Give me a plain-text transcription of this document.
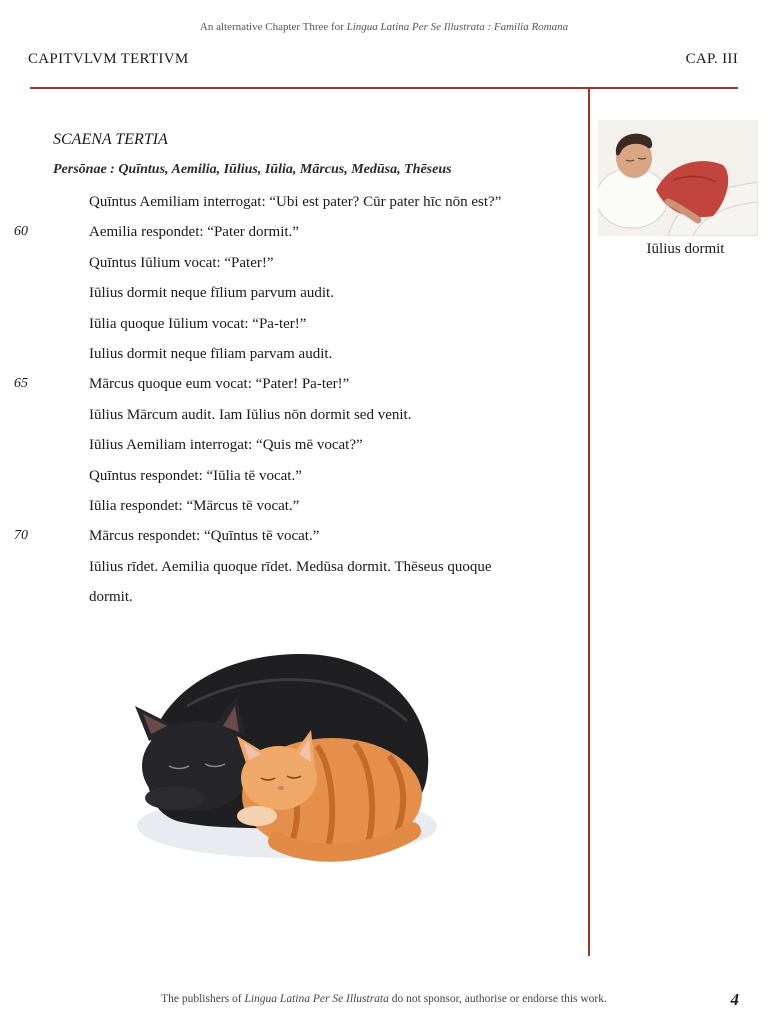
An alternative Chapter Three for Lingua Latina Per Se Illustrata : Familia Romana
CAPITVLVM TERTIVM	CAP. III
SCAENA TERTIA
Persōnae : Quīntus, Aemilia, Iūlius, Iūlia, Mārcus, Medūsa, Thēseus
Quīntus Aemiliam interrogat: “Ubi est pater? Cūr pater hīc nōn est?”
60	Aemilia respondet: “Pater dormit.”
Quīntus Iūlium vocat: “Pater!”
Iūlius dormit neque fīlium parvum audit.
Iūlia quoque Iūlium vocat: “Pa-ter!”
Iulius dormit neque fīliam parvam audit.
65	Mārcus quoque eum vocat: “Pater! Pa-ter!”
Iūlius Mārcum audit. Iam Iūlius nōn dormit sed venit.
Iūlius Aemiliam interrogat: “Quis mē vocat?”
Quīntus respondet: “Iūlia tē vocat.”
Iūlia respondet: “Mārcus tē vocat.”
70	Mārcus respondet: “Quīntus tē vocat.”
Iūlius rīdet. Aemilia quoque rīdet. Medūsa dormit. Thēseus quoque
dormit.
Iūlius dormit
The publishers of Lingua Latina Per Se Illustrata do not sponsor, authorise or endorse this work.	4
